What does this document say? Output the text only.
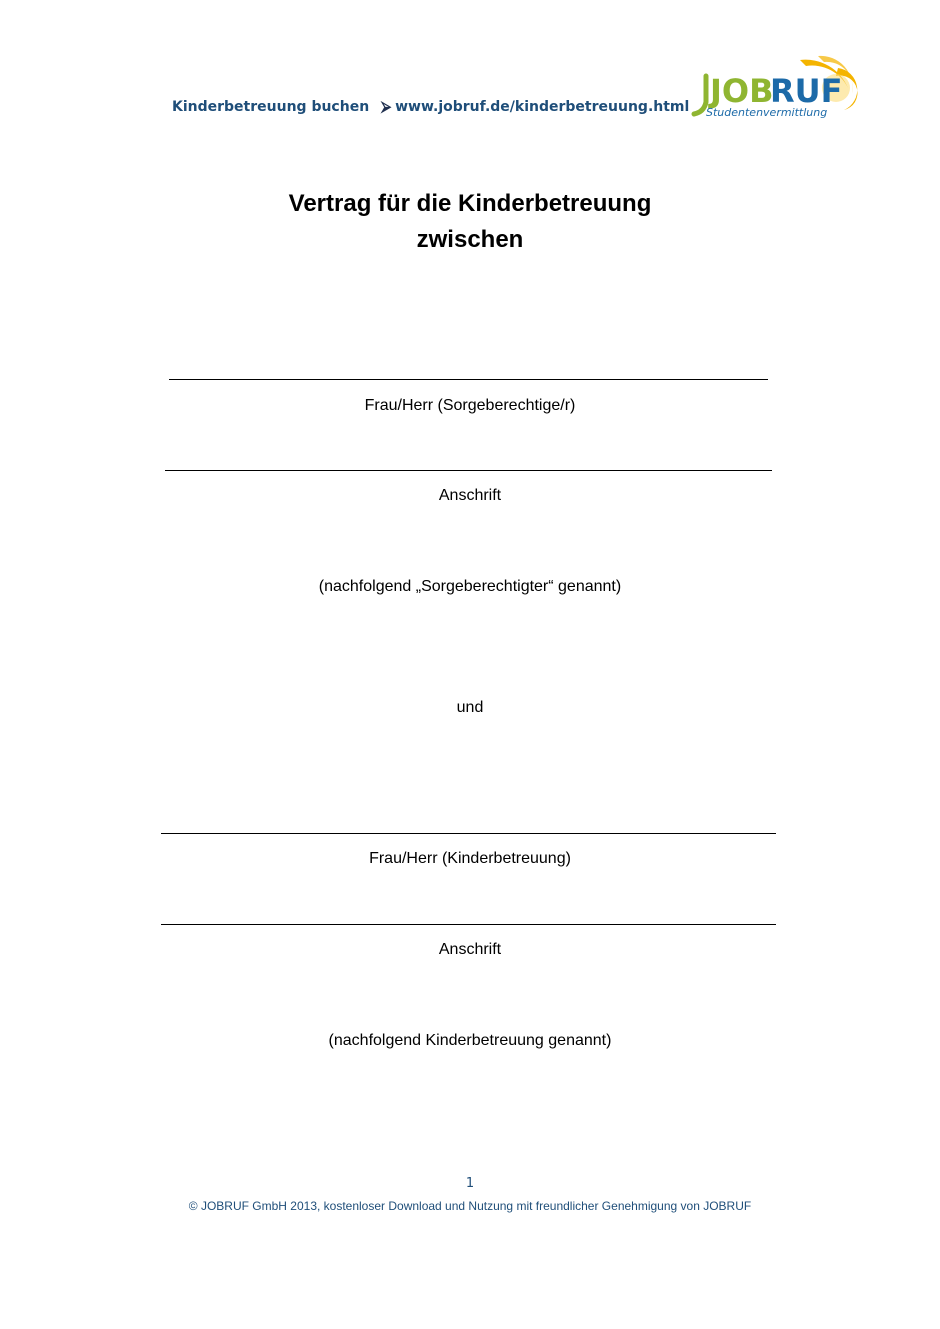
Kinderbetreuung buchen ⮚ www.jobruf.de/kinderbetreuung.html JOB
RUF
Studentenvermittlung
Vertrag für die Kinderbetreuung
zwischen
Frau/Herr (Sorgeberechtige/r)
Anschrift
(nachfolgend „Sorgeberechtigter“ genannt)
und
Frau/Herr (Kinderbetreuung)
Anschrift
(nachfolgend Kinderbetreuung genannt)
1
© JOBRUF GmbH 2013, kostenloser Download und Nutzung mit freundlicher Genehmigung von JOBRUF
